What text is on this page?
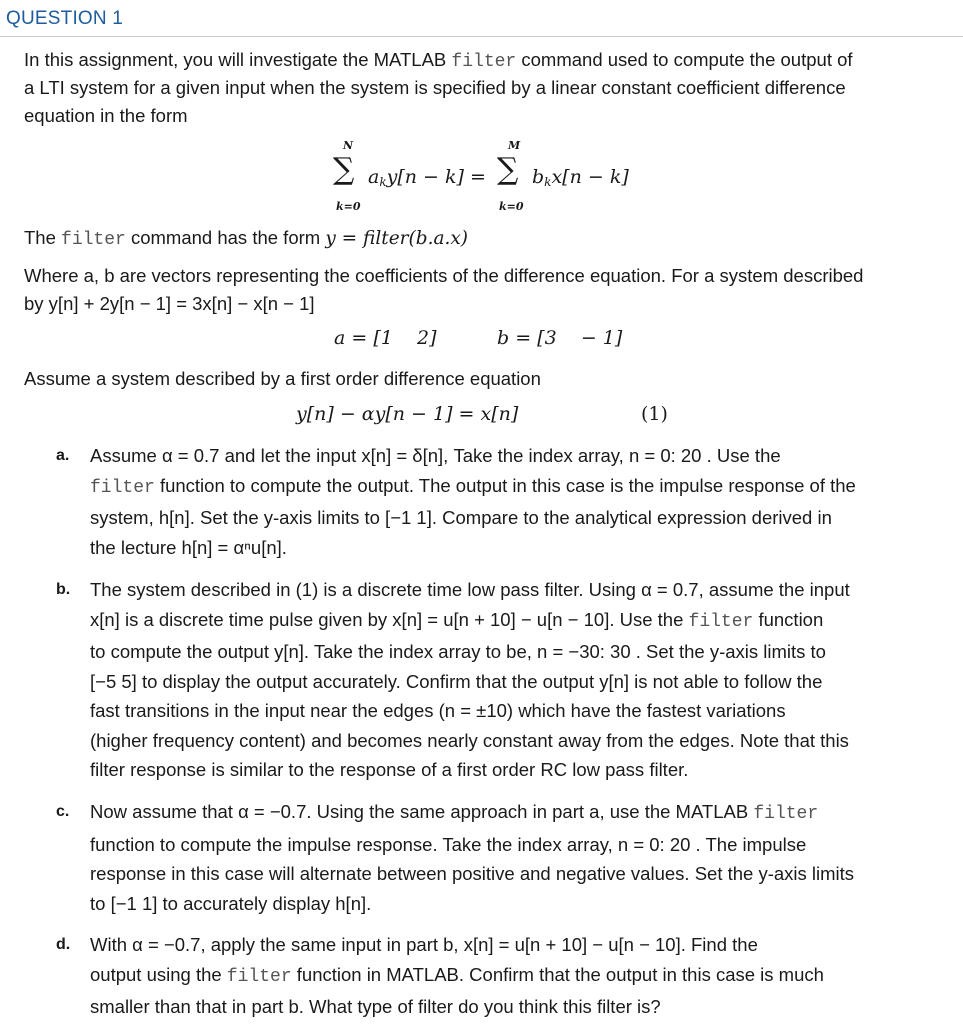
QUESTION 1
In this assignment, you will investigate the MATLAB filter command used to compute the output of
a LTI system for a given input when the system is specified by a linear constant coefficient difference
equation in the form
N
∑
k=0
$a_ky[n - k]$ =
M
∑
k=0
$b_kx[n - k]$
The filter command has the form y = filter(b.a.x)
Where a, b are vectors representing the coefficients of the difference equation. For a system described
by y[n] + 2y[n − 1] = 3x[n] − x[n − 1]
a = [1    2]	b = [3    − 1]
Assume a system described by a first order difference equation
y[n] − αy[n − 1] = x[n]	(1)
a. Assume α = 0.7 and let the input x[n] = δ[n], Take the index array, n = 0: 20 . Use the
filter function to compute the output. The output in this case is the impulse response of the
system, h[n]. Set the y-axis limits to [−1 1]. Compare to the analytical expression derived in
the lecture h[n] = αⁿu[n].
b. The system described in (1) is a discrete time low pass filter. Using α = 0.7, assume the input
x[n] is a discrete time pulse given by x[n] = u[n + 10] − u[n − 10]. Use the filter function
to compute the output y[n]. Take the index array to be, n = −30: 30 . Set the y-axis limits to
[−5 5] to display the output accurately. Confirm that the output y[n] is not able to follow the
fast transitions in the input near the edges (n = ±10) which have the fastest variations
(higher frequency content) and becomes nearly constant away from the edges. Note that this
filter response is similar to the response of a first order RC low pass filter.
c. Now assume that α = −0.7. Using the same approach in part a, use the MATLAB filter
function to compute the impulse response. Take the index array, n = 0: 20 . The impulse
response in this case will alternate between positive and negative values. Set the y-axis limits
to [−1 1] to accurately display h[n].
d. With α = −0.7, apply the same input in part b, x[n] = u[n + 10] − u[n − 10]. Find the
output using the filter function in MATLAB. Confirm that the output in this case is much
smaller than that in part b. What type of filter do you think this filter is?
